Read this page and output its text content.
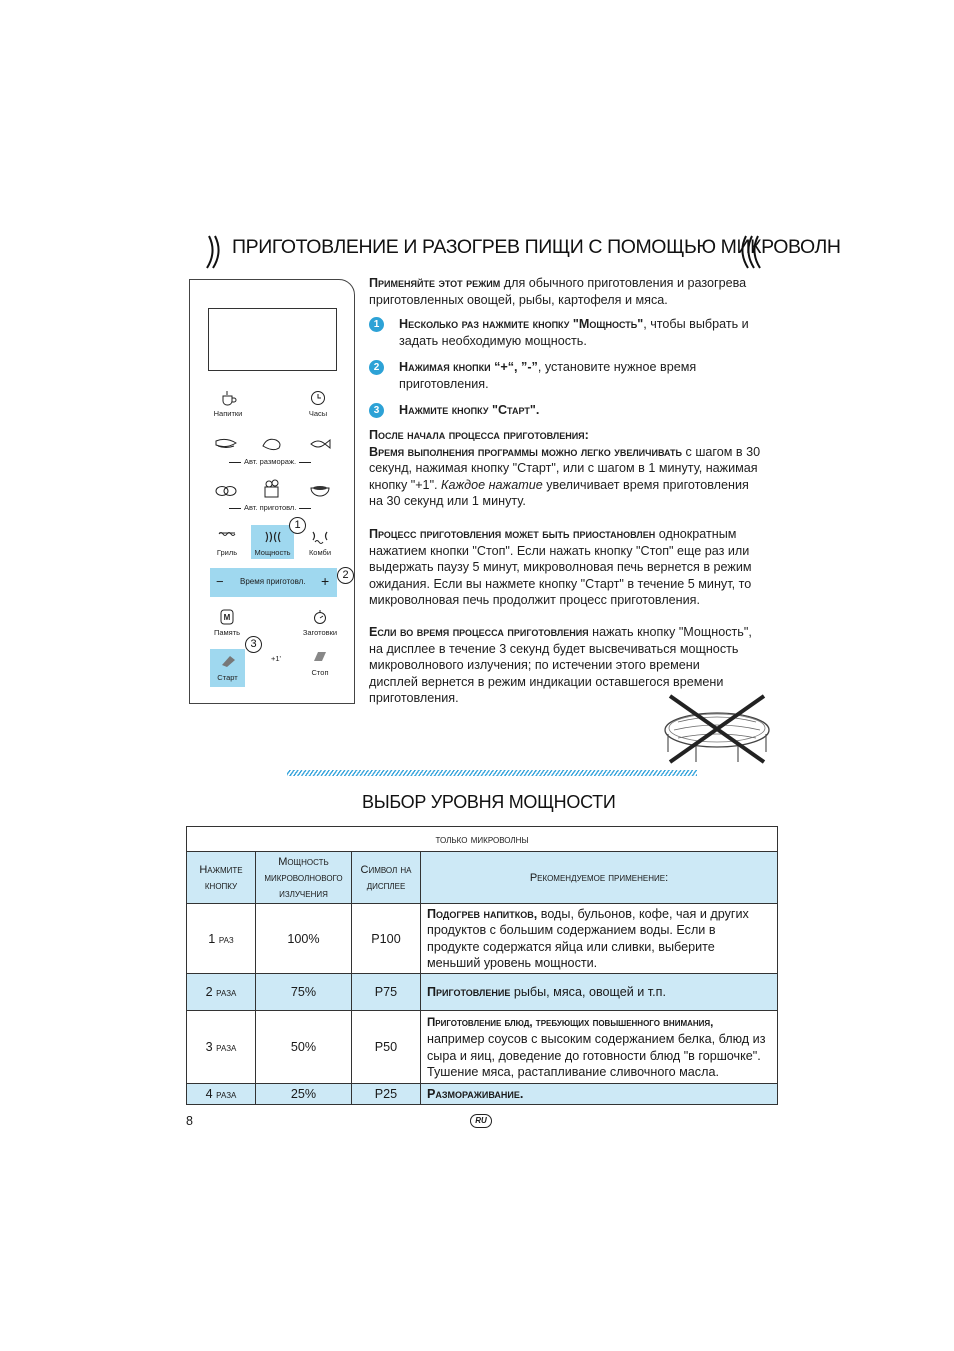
ПРИГОТОВЛЕНИЕ И РАЗОГРЕВ ПИЩИ С ПОМОЩЬЮ МИКРОВОЛН
Напитки	Часы
Авт. размораж.
Авт. приготовл.
Гриль	Мощность	Комби
1
− Время приготовл. +	2
M
Память	Заготовки
Старт
3
+1'
Стоп
Применяйте этот режим для обычного приготовления и разогрева
приготовленных овощей, рыбы, картофеля и мяса.
1	Несколько раз нажмите кнопку "Мощность", чтобы выбрать и
задать необходимую мощность.
2	Нажимая кнопки “+“, ”-”, установите нужное время
приготовления.
3	Нажмите кнопку "Старт".
После начала процесса приготовления:
Время выполнения программы можно легко увеличивать с шагом в 30
секунд, нажимая кнопку "Старт", или с шагом в 1 минуту, нажимая
кнопку "+1". Каждое нажатие увеличивает время приготовления
на 30 секунд или 1 минуту.
Процесс приготовления может быть приостановлен однократным
нажатием кнопки "Стоп". Если нажать кнопку "Стоп" еще раз или
выдержать паузу 5 минут, микроволновая печь вернется в режим
ожидания. Если вы нажмете кнопку "Старт" в течение 5 минут, то
микроволновая печь продолжит процесс приготовления.
Если во время процесса приготовления нажать кнопку "Мощность",
на дисплее в течение 3 секунд будет высвечиваться мощность
микроволнового излучения; по истечении этого времени
дисплей вернется в режим индикации оставшегося времени
приготовления.
ВЫБОР УРОВНЯ МОЩНОСТИ
только микроволны			
Нажмите
кнопку	Мощность
микроволнового
излучения	Символ на
дисплее	Рекомендуемое применение:
1 раз	100%	P100	Подогрев напитков, воды, бульонов, кофе, чая и других
продуктов с большим содержанием воды. Если в
продукте содержатся яйца или сливки, выберите
меньший уровень мощности.
2 раза	75%	P75	Приготовление рыбы, мяса, овощей и т.п.
3 раза	50%	P50	Приготовление блюд, требующих повышенного внимания,
например соусов с высоким содержанием белка, блюд из
сыра и яиц, доведение до готовности блюд "в горшочке".
Тушение мяса, растапливание сливочного масла.
4 раза	25%	P25	Размораживание.
8	RU
